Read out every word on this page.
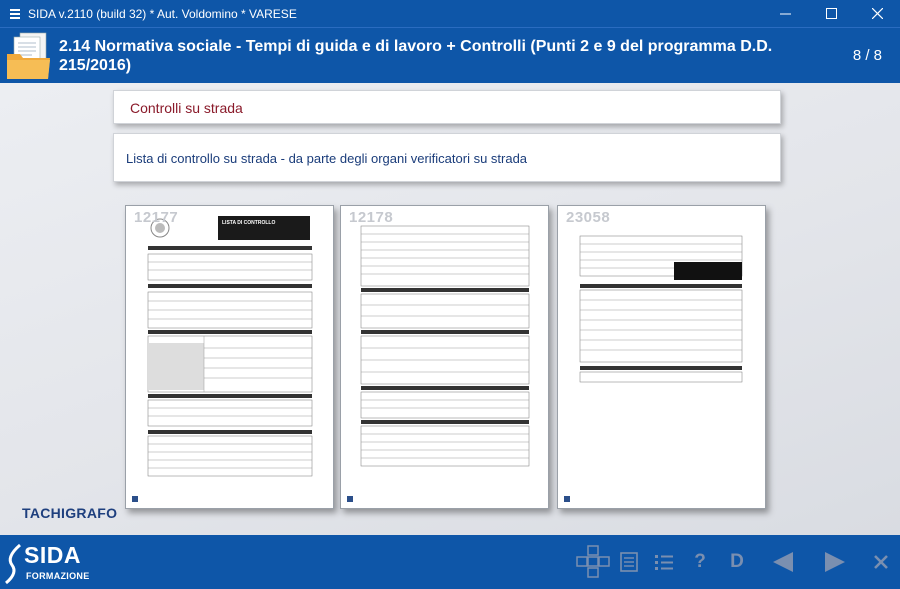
SIDA v.2110 (build 32) * Aut. Voldomino * VARESE
2.14 Normativa sociale - Tempi di guida e di lavoro + Controlli (Punti 2 e 9 del programma D.D. 215/2016)
8 / 8
Controlli su strada
Lista di controllo su strada - da parte degli organi verificatori su strada
12177	LISTA DI CONTROLLO	12178	23058
TACHIGRAFO
SIDA
FORMAZIONE
? D
